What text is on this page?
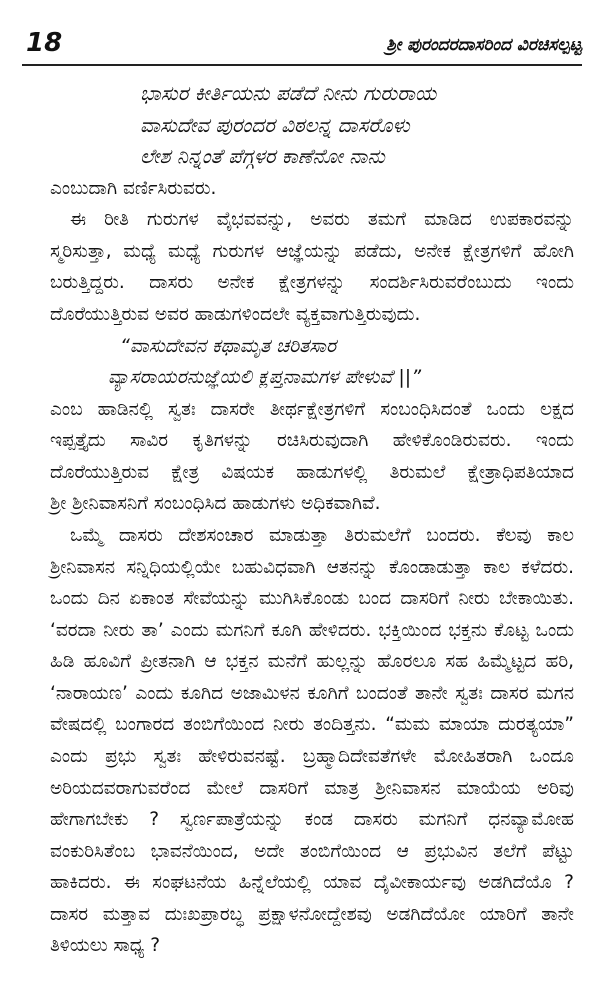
18	ಶ್ರೀ ಪುರಂದರದಾಸರಿಂದ ವಿರಚಿಸಲ್ಪಟ್ಟ
ಭಾಸುರ ಕೀರ್ತಿಯನು ಪಡೆದೆ ನೀನು ಗುರುರಾಯ
ವಾಸುದೇವ ಪುರಂದರ ವಿಠಲನ್ನ ದಾಸರೊಳು
ಲೇಶ ನಿನ್ನಂತೆ ಪೆಗ್ಗಳರ ಕಾಣೆನೋ ನಾನು
ಎಂಬುದಾಗಿ ವರ್ಣಿಸಿರುವರು.
ಈ ರೀತಿ ಗುರುಗಳ ವೈಭವವನ್ನು, ಅವರು ತಮಗೆ ಮಾಡಿದ ಉಪಕಾರವನ್ನು
ಸ್ಮರಿಸುತ್ತಾ, ಮಧ್ಯೆ ಮಧ್ಯೆ ಗುರುಗಳ ಆಜ್ಞೆಯನ್ನು ಪಡೆದು, ಅನೇಕ ಕ್ಷೇತ್ರಗಳಿಗೆ ಹೋಗಿ
ಬರುತ್ತಿದ್ದರು. ದಾಸರು ಅನೇಕ ಕ್ಷೇತ್ರಗಳನ್ನು ಸಂದರ್ಶಿಸಿರುವರೆಂಬುದು ಇಂದು
ದೊರೆಯುತ್ತಿರುವ ಅವರ ಹಾಡುಗಳಿಂದಲೇ ವ್ಯಕ್ತವಾಗುತ್ತಿರುವುದು.
“ವಾಸುದೇವನ ಕಥಾಮೃತ ಚರಿತಸಾರ
ವ್ಯಾಸರಾಯರನುಜ್ಞೆಯಲಿ ಕ್ಲಪ್ತನಾಮಗಳ ಪೇಳುವೆ ||”
ಎಂಬ ಹಾಡಿನಲ್ಲಿ ಸ್ವತಃ ದಾಸರೇ ತೀರ್ಥಕ್ಷೇತ್ರಗಳಿಗೆ ಸಂಬಂಧಿಸಿದಂತೆ ಒಂದು ಲಕ್ಷದ
ಇಪ್ಪತ್ತೈದು ಸಾವಿರ ಕೃತಿಗಳನ್ನು ರಚಿಸಿರುವುದಾಗಿ ಹೇಳಿಕೊಂಡಿರುವರು. ಇಂದು
ದೊರೆಯುತ್ತಿರುವ ಕ್ಷೇತ್ರ ವಿಷಯಕ ಹಾಡುಗಳಲ್ಲಿ ತಿರುಮಲೆ ಕ್ಷೇತ್ರಾಧಿಪತಿಯಾದ
ಶ್ರೀ ಶ್ರೀನಿವಾಸನಿಗೆ ಸಂಬಂಧಿಸಿದ ಹಾಡುಗಳು ಅಧಿಕವಾಗಿವೆ.
ಒಮ್ಮೆ ದಾಸರು ದೇಶಸಂಚಾರ ಮಾಡುತ್ತಾ ತಿರುಮಲೆಗೆ ಬಂದರು. ಕೆಲವು ಕಾಲ
ಶ್ರೀನಿವಾಸನ ಸನ್ನಿಧಿಯಲ್ಲಿಯೇ ಬಹುವಿಧವಾಗಿ ಆತನನ್ನು ಕೊಂಡಾಡುತ್ತಾ ಕಾಲ ಕಳೆದರು.
ಒಂದು ದಿನ ಏಕಾಂತ ಸೇವೆಯನ್ನು ಮುಗಿಸಿಕೊಂಡು ಬಂದ ದಾಸರಿಗೆ ನೀರು ಬೇಕಾಯಿತು.
‘ವರದಾ ನೀರು ತಾ’ ಎಂದು ಮಗನಿಗೆ ಕೂಗಿ ಹೇಳಿದರು. ಭಕ್ತಿಯಿಂದ ಭಕ್ತನು ಕೊಟ್ಟ ಒಂದು
ಹಿಡಿ ಹೂವಿಗೆ ಪ್ರೀತನಾಗಿ ಆ ಭಕ್ತನ ಮನೆಗೆ ಹುಲ್ಲನ್ನು ಹೊರಲೂ ಸಹ ಹಿಮ್ಮೆಟ್ಟದ ಹರಿ,
‘ನಾರಾಯಣ’ ಎಂದು ಕೂಗಿದ ಅಜಾಮಿಳನ ಕೂಗಿಗೆ ಬಂದಂತೆ ತಾನೇ ಸ್ವತಃ ದಾಸರ ಮಗನ
ವೇಷದಲ್ಲಿ ಬಂಗಾರದ ತಂಬಿಗೆಯಿಂದ ನೀರು ತಂದಿತ್ತನು. “ಮಮ ಮಾಯಾ ದುರತ್ಯಯಾ”
ಎಂದು ಪ್ರಭು ಸ್ವತಃ ಹೇಳಿರುವನಷ್ಟೆ. ಬ್ರಹ್ಮಾದಿದೇವತೆಗಳೇ ಮೋಹಿತರಾಗಿ ಒಂದೂ
ಅರಿಯದವರಾಗುವರೆಂದ ಮೇಲೆ ದಾಸರಿಗೆ ಮಾತ್ರ ಶ್ರೀನಿವಾಸನ ಮಾಯೆಯ ಅರಿವು
ಹೇಗಾಗಬೇಕು ? ಸ್ವರ್ಣಪಾತ್ರೆಯನ್ನು ಕಂಡ ದಾಸರು ಮಗನಿಗೆ ಧನವ್ಯಾಮೋಹ
ವಂಕುರಿಸಿತೆಂಬ ಭಾವನೆಯಿಂದ, ಅದೇ ತಂಬಿಗೆಯಿಂದ ಆ ಪ್ರಭುವಿನ ತಲೆಗೆ ಪೆಟ್ಟು
ಹಾಕಿದರು. ಈ ಸಂಘಟನೆಯ ಹಿನ್ನೆಲೆಯಲ್ಲಿ ಯಾವ ದೈವೀಕಾರ್ಯವು ಅಡಗಿದೆಯೊ ?
ದಾಸರ ಮತ್ತಾವ ದುಃಖಪ್ರಾರಬ್ಧ ಪ್ರಕ್ಷಾಳನೋದ್ದೇಶವು ಅಡಗಿದೆಯೋ ಯಾರಿಗೆ ತಾನೇ
ತಿಳಿಯಲು ಸಾಧ್ಯ ?
